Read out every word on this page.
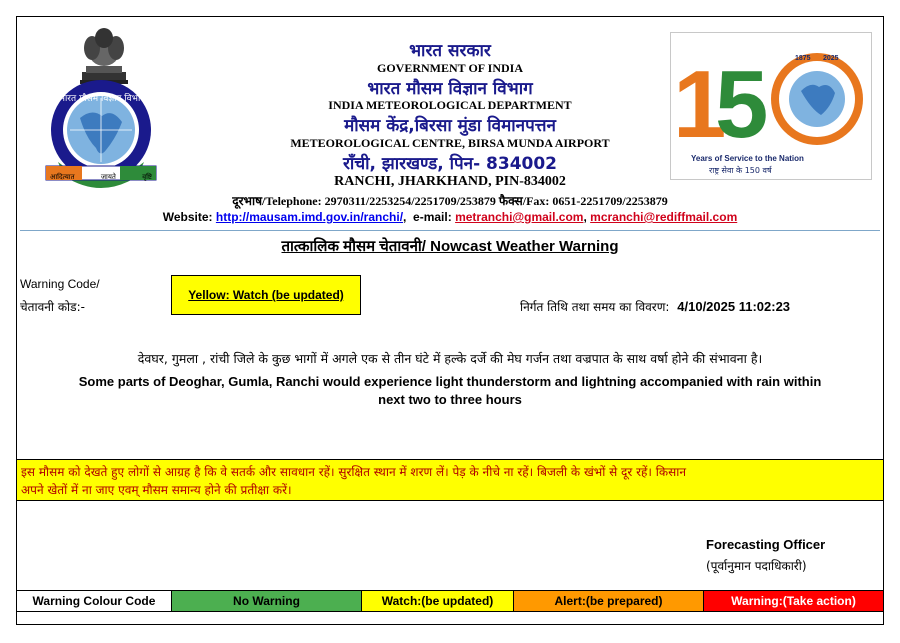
भारत मौसम विज्ञान विभाग
आदित्यात	जायते	वृष्टि
1
5	1875 2025
Years of Service to the Nation
राष्ट्र सेवा के 150 वर्ष
भारत सरकार
GOVERNMENT OF INDIA
भारत मौसम विज्ञान विभाग
INDIA METEOROLOGICAL DEPARTMENT
मौसम केंद्र,बिरसा मुंडा विमानपत्तन
METEOROLOGICAL CENTRE, BIRSA MUNDA AIRPORT
राँची, झारखण्ड, पिन- 834002
RANCHI, JHARKHAND, PIN-834002
दूरभाष/Telephone: 2970311/2253254/2251709/253879 फैक्स/Fax: 0651-2251709/2253879
Website: http://mausam.imd.gov.in/ranchi/,  e-mail: metranchi@gmail.com, mcranchi@rediffmail.com
तात्कालिक मौसम चेतावनी/ Nowcast Weather Warning
Warning Code/
चेतावनी कोड:-
Yellow: Watch (be updated)
निर्गत तिथि तथा समय का विवरण: 4/10/2025 11:02:23
देवघर, गुमला , रांची जिले के कुछ भागों में अगले एक से तीन घंटे में हल्के दर्जे की मेघ गर्जन तथा वज्रपात के साथ वर्षा होने की संभावना है।
Some parts of Deoghar, Gumla, Ranchi would experience light thunderstorm and lightning accompanied with rain within
next two to three hours
इस मौसम को देखते हुए लोगों से आग्रह है कि वे सतर्क और सावधान रहें। सुरक्षित स्थान में शरण लें। पेड़ के नीचे ना रहें। बिजली के खंभों से दूर रहें। किसान
अपने खेतों में ना जाए एवम् मौसम समान्य होने की प्रतीक्षा करें।
Forecasting Officer
(पूर्वानुमान पदाधिकारी)
Warning Colour Code	No Warning	Watch:(be updated)	Alert:(be prepared)	Warning:(Take action)
